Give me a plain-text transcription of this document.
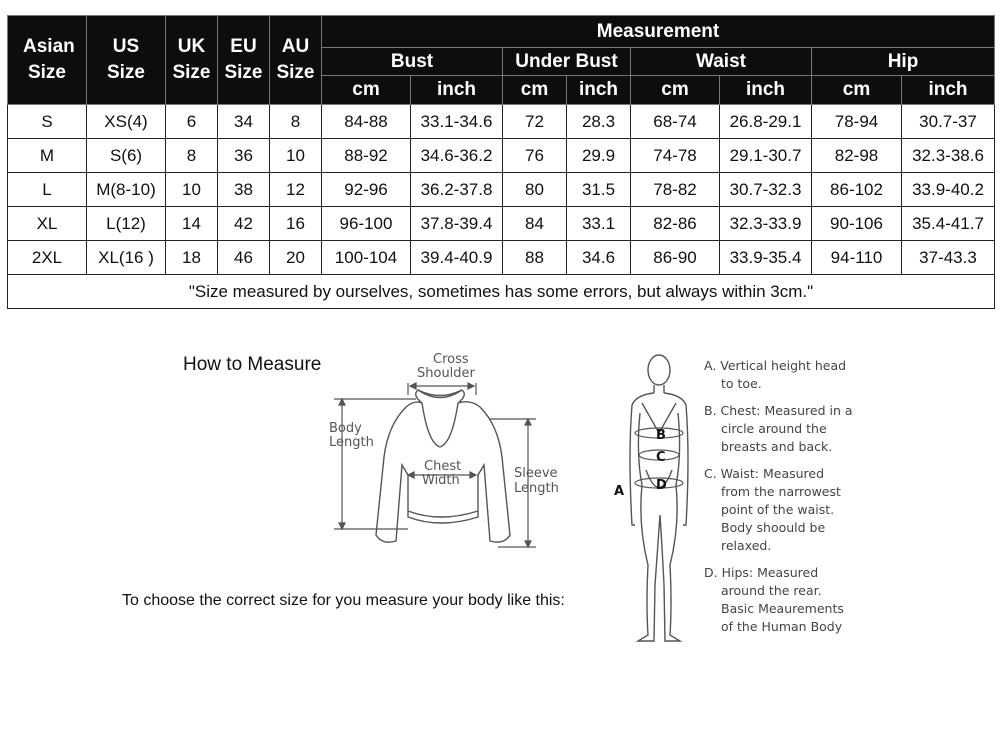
Asian Size	US Size	UK Size	EU Size	AU Size	Measurement							
					Bust		Under Bust		Waist		Hip	
					cm	inch	cm	inch	cm	inch	cm	inch
S	XS(4)	6	34	8	84-88	33.1-34.6	72	28.3	68-74	26.8-29.1	78-94	30.7-37
M	S(6)	8	36	10	88-92	34.6-36.2	76	29.9	74-78	29.1-30.7	82-98	32.3-38.6
L	M(8-10)	10	38	12	92-96	36.2-37.8	80	31.5	78-82	30.7-32.3	86-102	33.9-40.2
XL	L(12)	14	42	16	96-100	37.8-39.4	84	33.1	82-86	32.3-33.9	90-106	35.4-41.7
2XL	XL(16 )	18	46	20	100-104	39.4-40.9	88	34.6	86-90	33.9-35.4	94-110	37-43.3
"Size measured by ourselves, sometimes has some errors, but always within 3cm."												
How to Measure	Cross
Shoulder
Body
Length
Chest
Width	Sleeve
Length
To choose the correct size for you measure your body like this:
A
B
C
D
A. Vertical height head
to toe.
B. Chest: Measured in a
circle around the
breasts and back.
C. Waist: Measured
from the narrowest
point of the waist.
Body shoould be
relaxed.
D. Hips: Measured
around the rear.
Basic Meaurements
of the Human Body
